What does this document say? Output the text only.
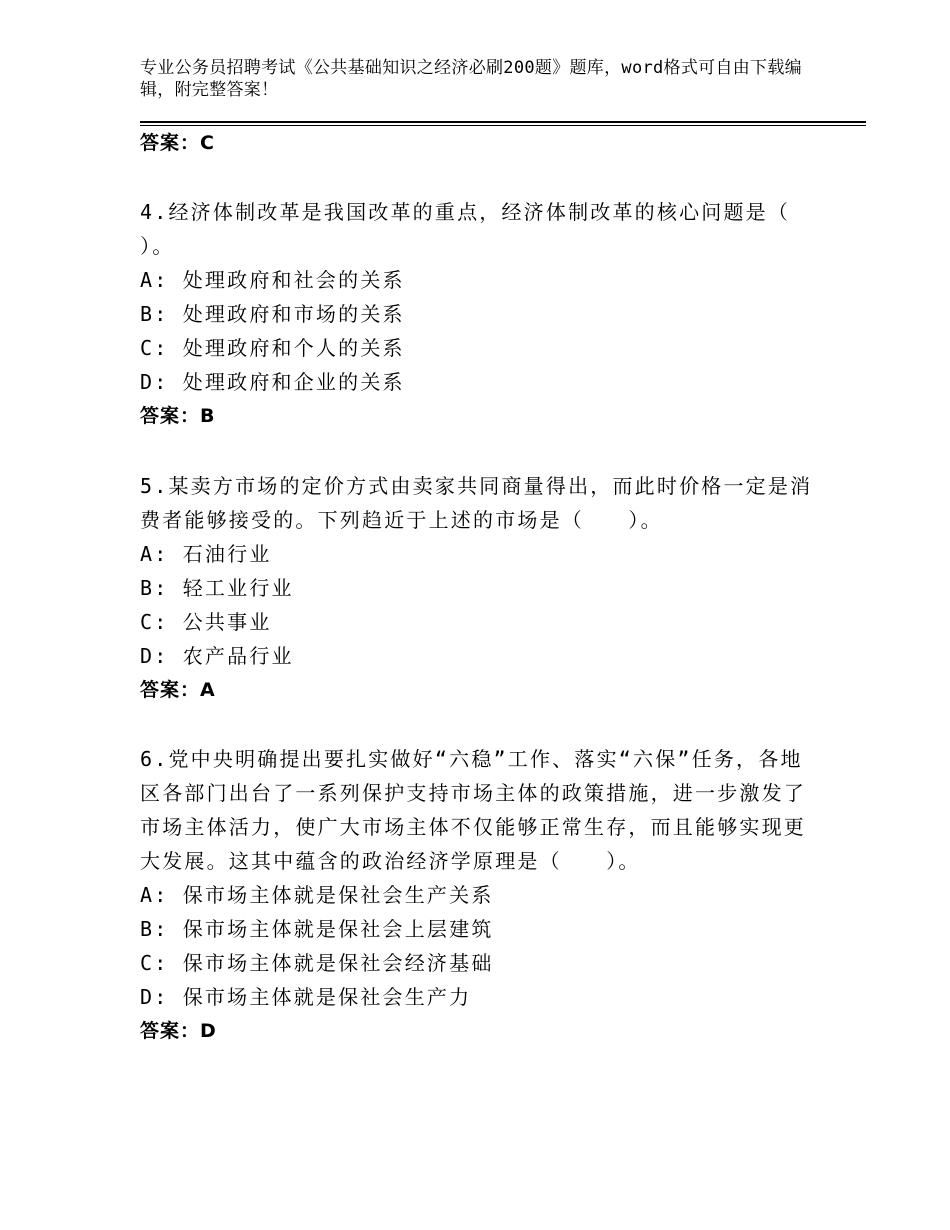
专业公务员招聘考试《公共基础知识之经济必刷200题》题库，word格式可自由下载编辑，附完整答案！
答案：C
4.经济体制改革是我国改革的重点，经济体制改革的核心问题是（ ）。
A: 处理政府和社会的关系
B: 处理政府和市场的关系
C: 处理政府和个人的关系
D: 处理政府和企业的关系
答案：B
5.某卖方市场的定价方式由卖家共同商量得出，而此时价格一定是消费者能够接受的。下列趋近于上述的市场是（　　）。
A: 石油行业
B: 轻工业行业
C: 公共事业
D: 农产品行业
答案：A
6.党中央明确提出要扎实做好“六稳”工作、落实“六保”任务，各地区各部门出台了一系列保护支持市场主体的政策措施，进一步激发了市场主体活力，使广大市场主体不仅能够正常生存，而且能够实现更大发展。这其中蕴含的政治经济学原理是（　　）。
A: 保市场主体就是保社会生产关系
B: 保市场主体就是保社会上层建筑
C: 保市场主体就是保社会经济基础
D: 保市场主体就是保社会生产力
答案：D
